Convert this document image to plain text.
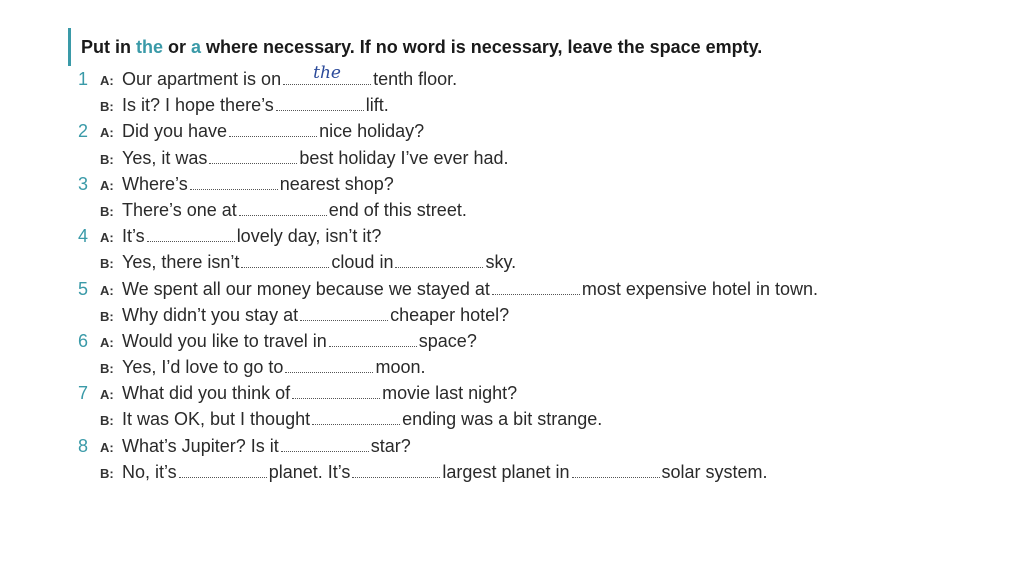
Put in the or a where necessary. If no word is necessary, leave the space empty.
1 A: Our apartment is on	the	tenth floor.
B: Is it? I hope there’s	lift.
2 A: Did you have	nice holiday?
B: Yes, it was	best holiday I’ve ever had.
3 A: Where’s	nearest shop?
B: There’s one at	end of this street.
4 A: It’s	lovely day, isn’t it?
B: Yes, there isn’t	cloud in	sky.
5 A: We spent all our money because we stayed at	most expensive hotel in town.
B: Why didn’t you stay at	cheaper hotel?
6 A: Would you like to travel in	space?
B: Yes, I’d love to go to	moon.
7 A: What did you think of	movie last night?
B: It was OK, but I thought	ending was a bit strange.
8 A: What’s Jupiter? Is it	star?
B: No, it’s	planet. It’s	largest planet in	solar system.
